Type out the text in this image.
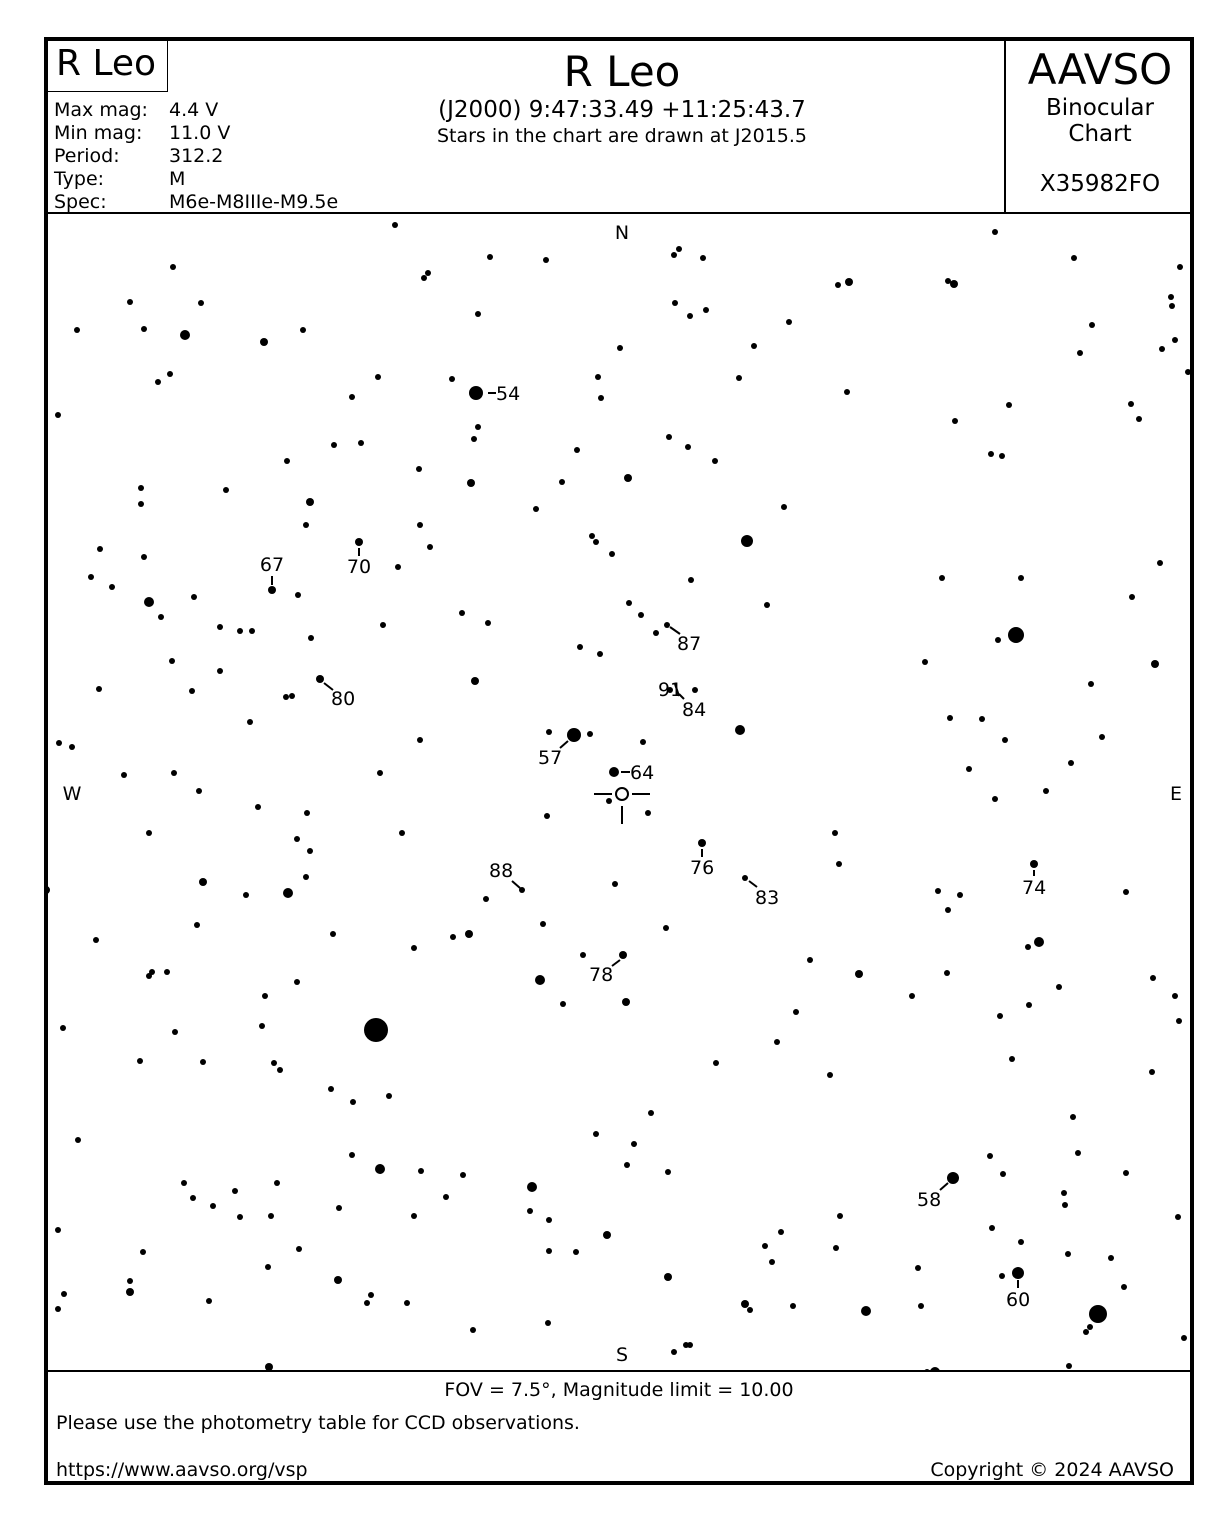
R Leo
Max mag:	4.4 V
Min mag:	11.0 V
Period:	312.2
Type:	M
Spec:	M6e-M8IIIe-M9.5e
R Leo
(J2000) 9:47:33.49 +11:25:43.7
Stars in the chart are drawn at J2015.5
AAVSO
Binocular
Chart
X35982FO
54
67	70
87
91
84
80
57
64
88	76
83	74
78
58
60
N
S
E
W
FOV = 7.5°, Magnitude limit = 10.00
Please use the photometry table for CCD observations.
https://www.aavso.org/vsp	Copyright © 2024 AAVSO
